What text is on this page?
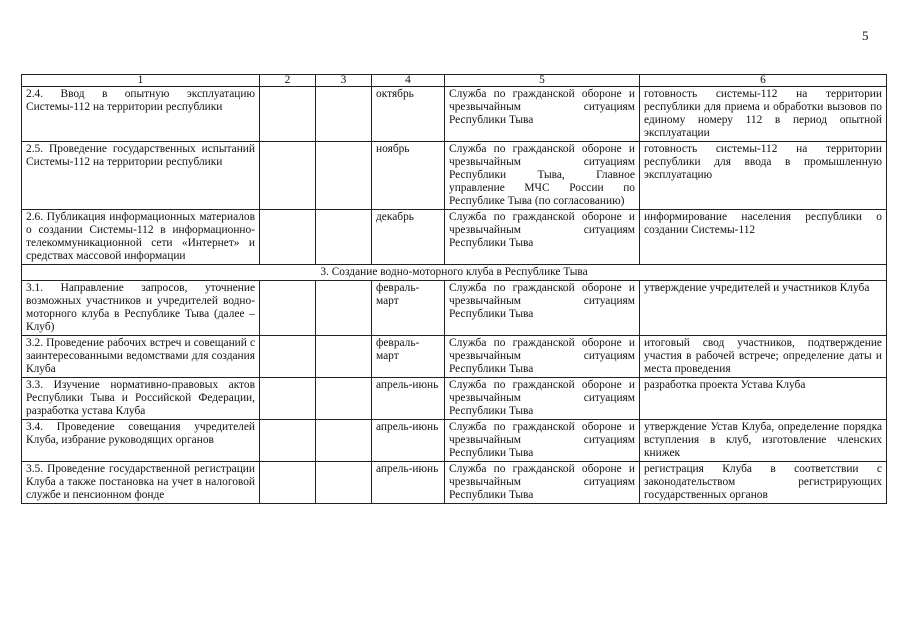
5
1	2	3	4	5	6
2.4. Ввод в опытную эксплуатацию Системы-112 на территории республики			октябрь	Служба по гражданской обороне и чрезвычайным ситуациям Республики Тыва	готовность системы-112 на территории республики для приема и обработки вызовов по единому номеру 112 в период опытной эксплуатации
2.5. Проведение государственных испытаний Системы-112 на территории республики			ноябрь	Служба по гражданской обороне и чрезвычайным ситуациям Республики Тыва, Главное управление МЧС России по Республике Тыва (по согласованию)	готовность системы-112 на территории республики для ввода в промышленную эксплуатацию
2.6. Публикация информационных материалов о создании Системы-112 в информационно-телекоммуникационной сети «Интернет» и средствах массовой информации			декабрь	Служба по гражданской обороне и чрезвычайным ситуациям Республики Тыва	информирование населения республики о создании Системы-112
3. Создание водно-моторного клуба в Республике Тыва					
3.1. Направление запросов, уточнение возможных участников и учредителей водно-моторного клуба в Республике Тыва (далее – Клуб)			февраль-март	Служба по гражданской обороне и чрезвычайным ситуациям Республики Тыва	утверждение учредителей и участников Клуба
3.2. Проведение рабочих встреч и совещаний с заинтересованными ведомствами для создания Клуба			февраль-март	Служба по гражданской обороне и чрезвычайным ситуациям Республики Тыва	итоговый свод участников, подтверждение участия в рабочей встрече; определение даты и места проведения
3.3. Изучение нормативно-правовых актов Республики Тыва и Российской Федерации, разработка устава Клуба			апрель-июнь	Служба по гражданской обороне и чрезвычайным ситуациям Республики Тыва	разработка проекта Устава Клуба
3.4. Проведение совещания учредителей Клуба, избрание руководящих органов			апрель-июнь	Служба по гражданской обороне и чрезвычайным ситуациям Республики Тыва	утверждение Устав Клуба, определение порядка вступления в клуб, изготовление членских книжек
3.5. Проведение государственной регистрации Клуба а также постановка на учет в налоговой службе и пенсионном фонде			апрель-июнь	Служба по гражданской обороне и чрезвычайным ситуациям Республики Тыва	регистрация Клуба в соответствии с законодательством регистрирующих государственных органов
